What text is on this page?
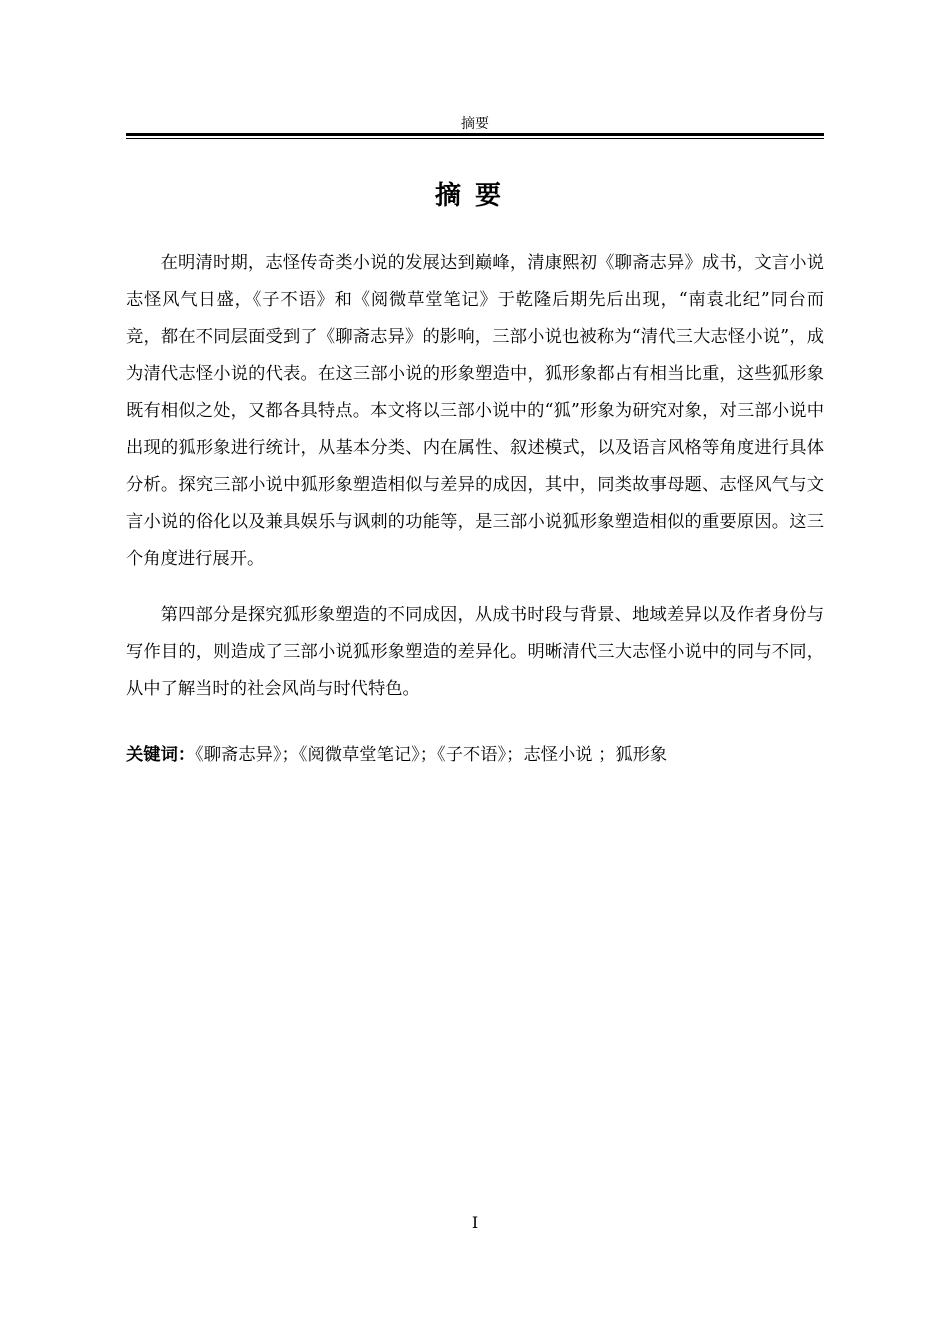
摘要
摘要

在明清时期，志怪传奇类小说的发展达到巅峰，清康熙初《聊斋志异》成书，文言小说志怪风气日盛，《子不语》和《阅微草堂笔记》于乾隆后期先后出现，“南袁北纪”同台而竞，都在不同层面受到了《聊斋志异》的影响，三部小说也被称为“清代三大志怪小说”，成为清代志怪小说的代表。在这三部小说的形象塑造中，狐形象都占有相当比重，这些狐形象既有相似之处，又都各具特点。本文将以三部小说中的“狐”形象为研究对象，对三部小说中出现的狐形象进行统计，从基本分类、内在属性、叙述模式，以及语言风格等角度进行具体分析。探究三部小说中狐形象塑造相似与差异的成因，其中，同类故事母题、志怪风气与文言小说的俗化以及兼具娱乐与讽刺的功能等，是三部小说狐形象塑造相似的重要原因。这三个角度进行展开。

第四部分是探究狐形象塑造的不同成因，从成书时段与背景、地域差异以及作者身份与写作目的，则造成了三部小说狐形象塑造的差异化。明晰清代三大志怪小说中的同与不同，从中了解当时的社会风尚与时代特色。

关键词：《聊斋志异》；《阅微草堂笔记》；《子不语》；志怪小说 ；狐形象
I
